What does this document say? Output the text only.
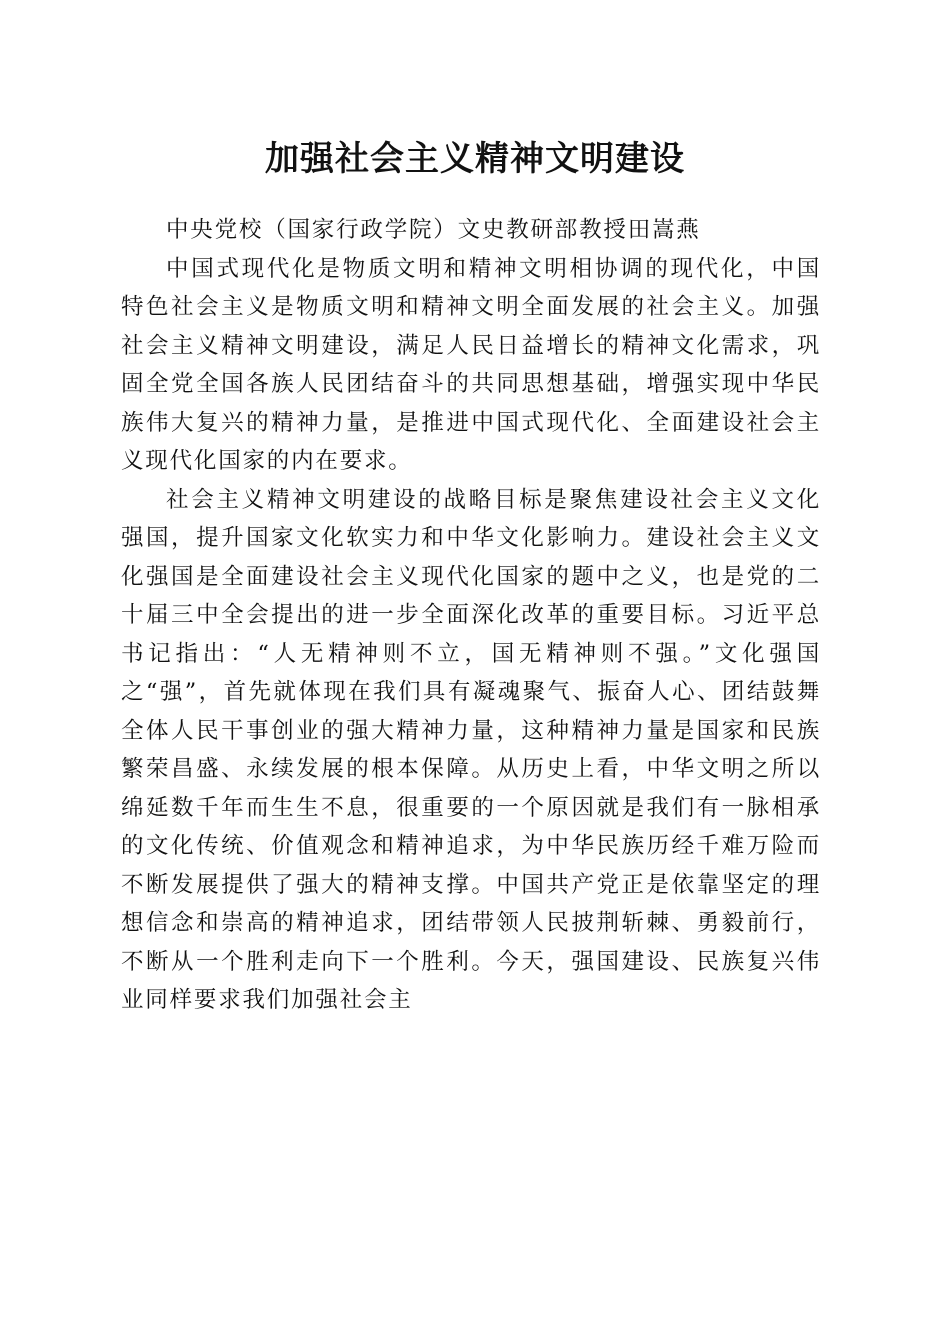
加强社会主义精神文明建设

中央党校（国家行政学院）文史教研部教授田嵩燕

中国式现代化是物质文明和精神文明相协调的现代化，中国特色社会主义是物质文明和精神文明全面发展的社会主义。加强社会主义精神文明建设，满足人民日益增长的精神文化需求，巩固全党全国各族人民团结奋斗的共同思想基础，增强实现中华民族伟大复兴的精神力量，是推进中国式现代化、全面建设社会主义现代化国家的内在要求。

社会主义精神文明建设的战略目标是聚焦建设社会主义文化强国，提升国家文化软实力和中华文化影响力。建设社会主义文化强国是全面建设社会主义现代化国家的题中之义，也是党的二十届三中全会提出的进一步全面深化改革的重要目标。习近平总书记指出：“人无精神则不立，国无精神则不强。”文化强国之“强”，首先就体现在我们具有凝魂聚气、振奋人心、团结鼓舞全体人民干事创业的强大精神力量，这种精神力量是国家和民族繁荣昌盛、永续发展的根本保障。从历史上看，中华文明之所以绵延数千年而生生不息，很重要的一个原因就是我们有一脉相承的文化传统、价值观念和精神追求，为中华民族历经千难万险而不断发展提供了强大的精神支撑。中国共产党正是依靠坚定的理想信念和崇高的精神追求，团结带领人民披荆斩棘、勇毅前行，不断从一个胜利走向下一个胜利。今天，强国建设、民族复兴伟业同样要求我们加强社会主
